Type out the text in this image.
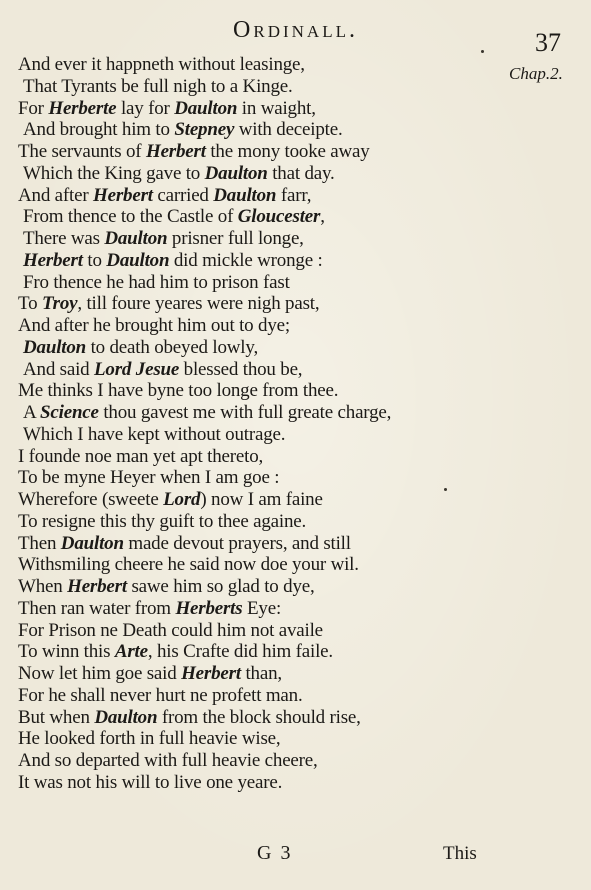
Ordinall.	37
Chap.2.
And ever it happneth without leasinge,
That Tyrants be full nigh to a Kinge.
For Herberte lay for Daulton in waight,
And brought him to Stepney with deceipte.
The servaunts of Herbert the mony tooke away
Which the King gave to Daulton that day.
And after Herbert carried Daulton farr,
From thence to the Castle of Gloucester,
There was Daulton prisner full longe,
Herbert to Daulton did mickle wronge :
Fro thence he had him to prison fast
To Troy, till foure yeares were nigh past,
And after he brought him out to dye;
Daulton to death obeyed lowly,
And said Lord Jesue blessed thou be,
Me thinks I have byne too longe from thee.
A Science thou gavest me with full greate charge,
Which I have kept without outrage.
I founde noe man yet apt thereto,
To be myne Heyer when I am goe :
Wherefore (sweete Lord) now I am faine
To resigne this thy guift to thee againe.
Then Daulton made devout prayers, and still
Withsmiling cheere he said now doe your wil.
When Herbert sawe him so glad to dye,
Then ran water from Herberts Eye:
For Prison ne Death could him not availe
To winn this Arte, his Crafte did him faile.
Now let him goe said Herbert than,
For he shall never hurt ne profett man.
But when Daulton from the block should rise,
He looked forth in full heavie wise,
And so departed with full heavie cheere,
It was not his will to live one yeare.
G 3	This
